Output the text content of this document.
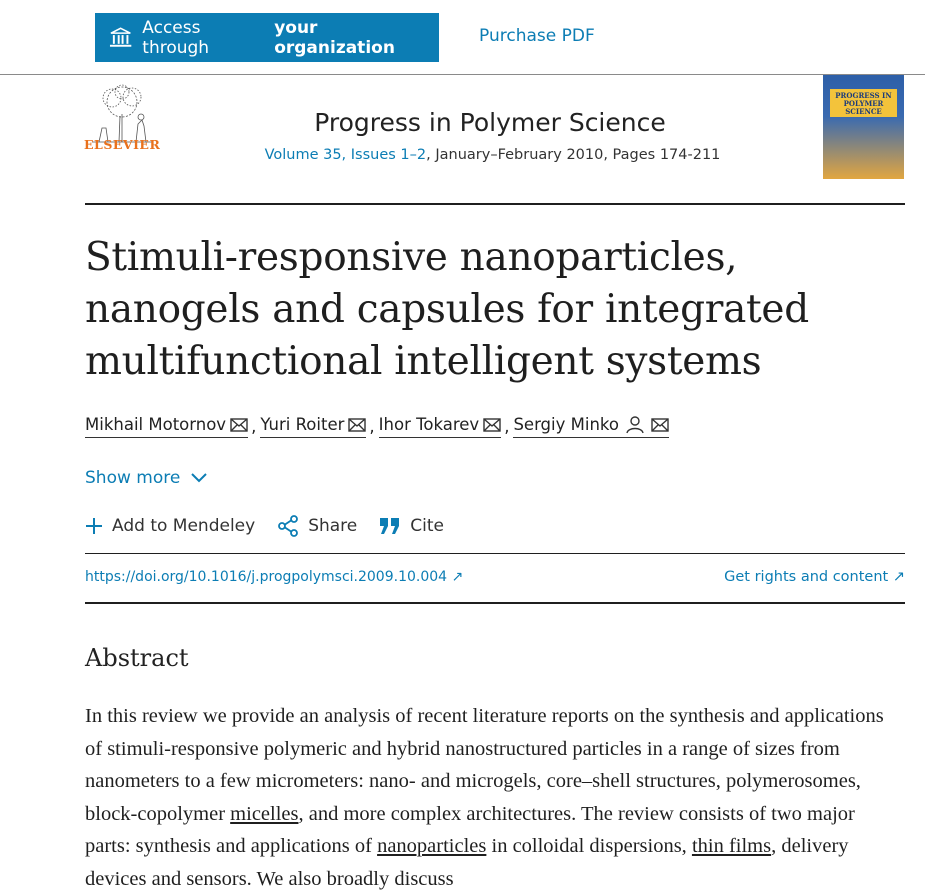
Access through

your organization
Purchase PDF
ELSEVIER
Progress in Polymer Science
Volume 35, Issues 1–2, January–February 2010, Pages 174-211
PROGRESS IN
POLYMER
SCIENCE
Stimuli-responsive nanoparticles, nanogels and capsules for integrated multifunctional intelligent systems
Mikhail Motornov , Yuri Roiter , Ihor Tokarev , Sergiy Minko
Show more
Add to Mendeley	Share	Cite
https://doi.org/10.1016/j.progpolymsci.2009.10.004 ↗	Get rights and content ↗
Abstract
In this review we provide an analysis of recent literature reports on the synthesis and applications of stimuli-responsive polymeric and hybrid nanostructured particles in a range of sizes from nanometers to a few micrometers: nano- and microgels, core–shell structures, polymerosomes, block-copolymer micelles, and more complex architectures. The review consists of two major parts: synthesis and applications of nanoparticles in colloidal dispersions, thin films, delivery devices and sensors. We also broadly discuss
